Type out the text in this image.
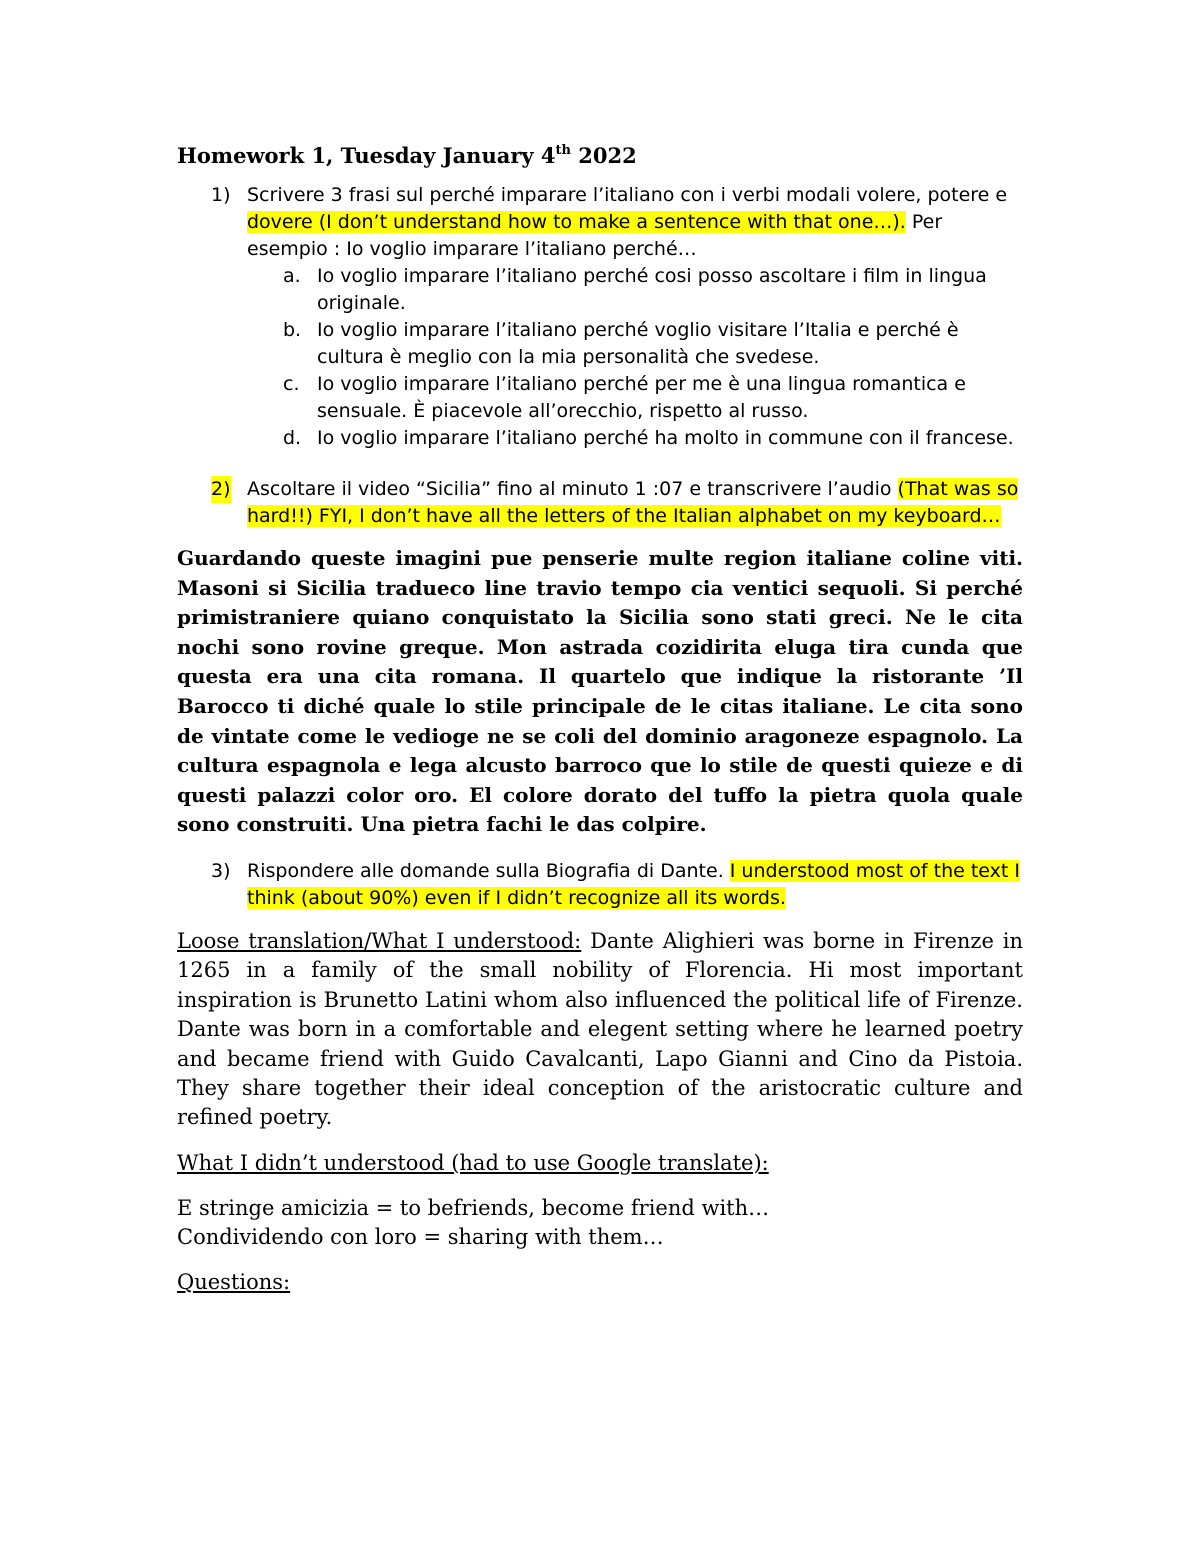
Homework 1, Tuesday January 4th 2022
1) Scrivere 3 frasi sul perché imparare l’italiano con i verbi modali volere, potere e dovere (I don’t understand how to make a sentence with that one…). Per esempio : Io voglio imparare l’italiano perché…
a. Io voglio imparare l’italiano perché cosi posso ascoltare i film in lingua originale.
b. Io voglio imparare l’italiano perché voglio visitare l’Italia e perché è cultura è meglio con la mia personalità che svedese.
c. Io voglio imparare l’italiano perché per me è una lingua romantica e sensuale. È piacevole all’orecchio, rispetto al russo.
d. Io voglio imparare l’italiano perché ha molto in commune con il francese.
2) Ascoltare il video “Sicilia” fino al minuto 1 :07 e transcrivere l’audio (That was so hard!!) FYI, I don’t have all the letters of the Italian alphabet on my keyboard…

Guardando queste imagini pue penserie multe region italiane coline viti. Masoni si Sicilia tradueco line travio tempo cia ventici sequoli. Si perché primistraniere quiano conquistato la Sicilia sono stati greci. Ne le cita nochi sono rovine greque. Mon astrada cozidirita eluga tira cunda que questa era una cita romana. Il quartelo que indique la ristorante ’Il Barocco ti diché quale lo stile principale de le citas italiane. Le cita sono de vintate come le vedioge ne se coli del dominio aragoneze espagnolo. La cultura espagnola e lega alcusto barroco que lo stile de questi quieze e di questi palazzi color oro. El colore dorato del tuffo la pietra quola quale sono construiti. Una pietra fachi le das colpire.

3) Rispondere alle domande sulla Biografia di Dante. I understood most of the text I think (about 90%) even if I didn’t recognize all its words.

Loose translation/What I understood: Dante Alighieri was borne in Firenze in 1265 in a family of the small nobility of Florencia. Hi most important inspiration is Brunetto Latini whom also influenced the political life of Firenze. Dante was born in a comfortable and elegent setting where he learned poetry and became friend with Guido Cavalcanti, Lapo Gianni and Cino da Pistoia. They share together their ideal conception of the aristocratic culture and refined poetry.

What I didn’t understood (had to use Google translate):

E stringe amicizia = to befriends, become friend with…

Condividendo con loro = sharing with them…

Questions:
